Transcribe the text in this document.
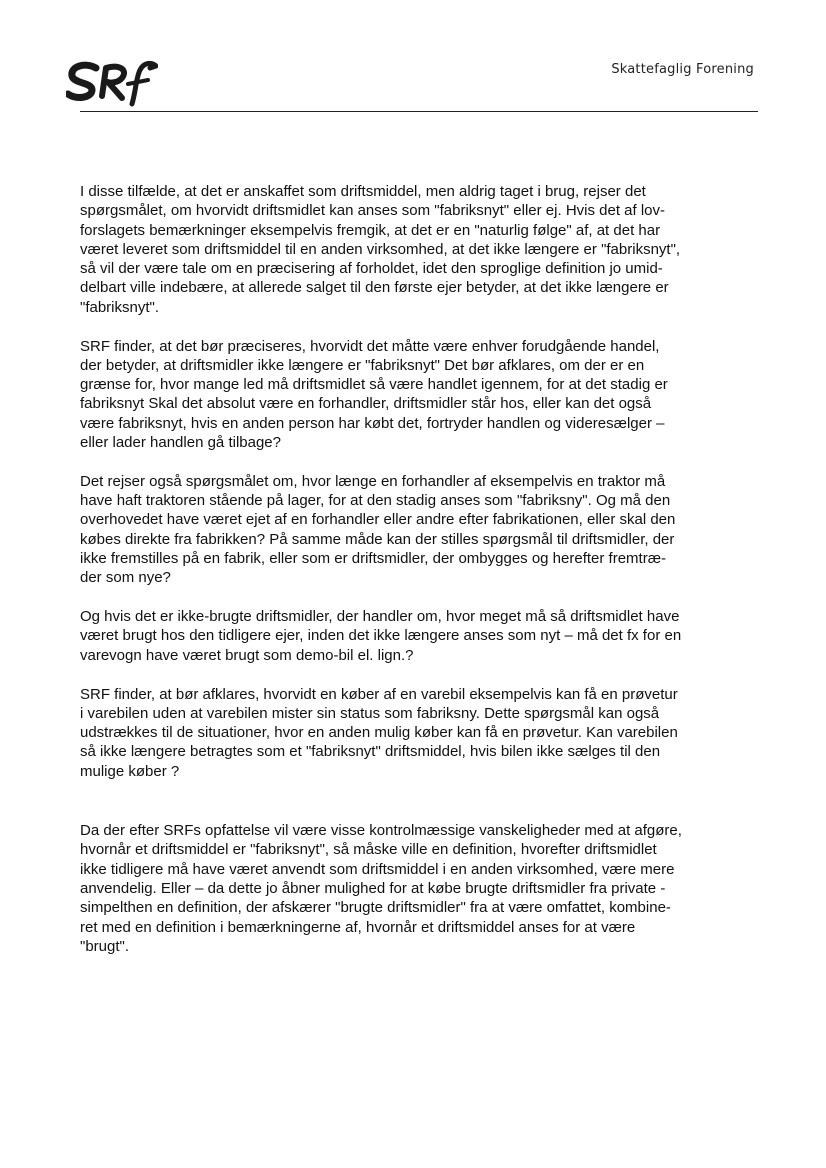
Skattefaglig Forening

I disse tilfælde, at det er anskaffet som driftsmiddel, men aldrig taget i brug, rejser det
spørgsmålet, om hvorvidt driftsmidlet kan anses som "fabriksnyt" eller ej. Hvis det af lov-
forslagets bemærkninger eksempelvis fremgik, at det er en "naturlig følge" af, at det har
været leveret som driftsmiddel til en anden virksomhed, at det ikke længere er "fabriksnyt",
så vil der være tale om en præcisering af forholdet, idet den sproglige definition jo umid-
delbart ville indebære, at allerede salget til den første ejer betyder, at det ikke længere er
"fabriksnyt".

SRF finder, at det bør præciseres, hvorvidt det måtte være enhver forudgående handel,
der betyder, at driftsmidler ikke længere er "fabriksnyt" Det bør afklares, om der er en
grænse for, hvor mange led må driftsmidlet så være handlet igennem, for at det stadig er
fabriksnyt Skal det absolut være en forhandler, driftsmidler står hos, eller kan det også
være fabriksnyt, hvis en anden person har købt det, fortryder handlen og videresælger –
eller lader handlen gå tilbage?

Det rejser også spørgsmålet om, hvor længe en forhandler af eksempelvis en traktor må
have haft traktoren stående på lager, for at den stadig anses som "fabriksny". Og må den
overhovedet have været ejet af en forhandler eller andre efter fabrikationen, eller skal den
købes direkte fra fabrikken? På samme måde kan der stilles spørgsmål til driftsmidler, der
ikke fremstilles på en fabrik, eller som er driftsmidler, der ombygges og herefter fremtræ-
der som nye?

Og hvis det er ikke-brugte driftsmidler, der handler om, hvor meget må så driftsmidlet have
været brugt hos den tidligere ejer, inden det ikke længere anses som nyt – må det fx for en
varevogn have været brugt som demo-bil el. lign.?

SRF finder, at bør afklares, hvorvidt en køber af en varebil eksempelvis kan få en prøvetur
i varebilen uden at varebilen mister sin status som fabriksny. Dette spørgsmål kan også
udstrækkes til de situationer, hvor en anden mulig køber kan få en prøvetur. Kan varebilen
så ikke længere betragtes som et "fabriksnyt" driftsmiddel, hvis bilen ikke sælges til den
mulige køber ?

Da der efter SRFs opfattelse vil være visse kontrolmæssige vanskeligheder med at afgøre,
hvornår et driftsmiddel er "fabriksnyt", så måske ville en definition, hvorefter driftsmidlet
ikke tidligere må have været anvendt som driftsmiddel i en anden virksomhed, være mere
anvendelig. Eller – da dette jo åbner mulighed for at købe brugte driftsmidler fra private -
simpelthen en definition, der afskærer "brugte driftsmidler" fra at være omfattet, kombine-
ret med en definition i bemærkningerne af, hvornår et driftsmiddel anses for at være
"brugt".
